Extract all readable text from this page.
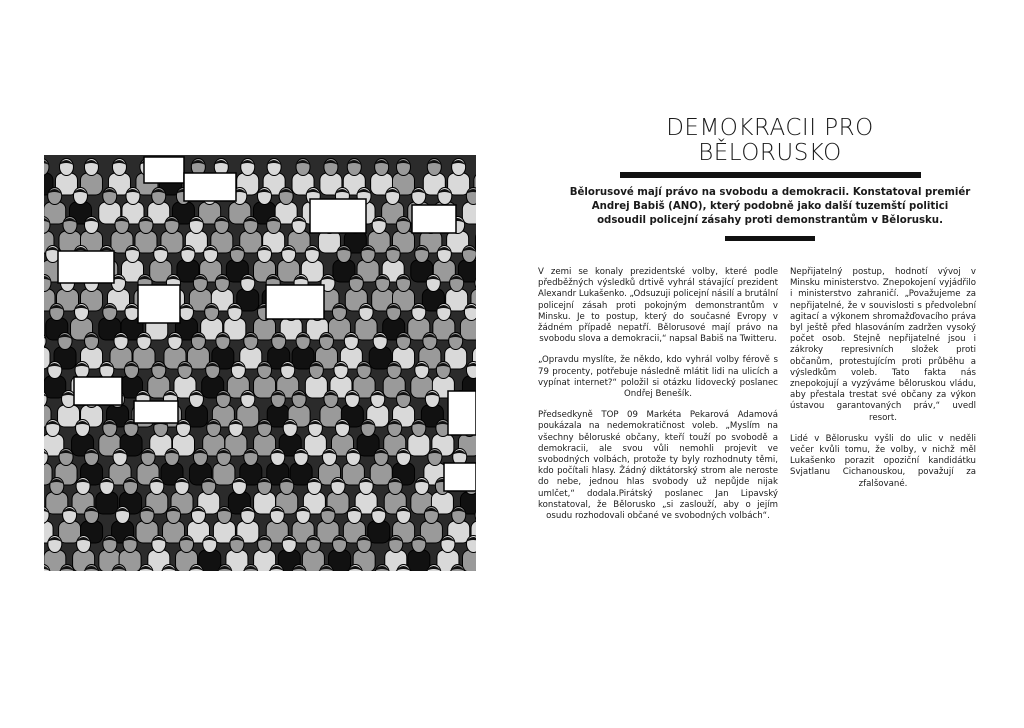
DEMOKRACII PRO
BĚLORUSKO

Bělorusové mají právo na svobodu a demokracii. Konstatoval premiér Andrej Babiš (ANO), který podobně jako další tuzemští politici odsoudil policejní zásahy proti demonstrantům v Bělorusku.

V zemi se konaly prezidentské volby, které podle předběžných výsledků drtivě vyhrál stávající prezident Alexandr Lukašenko. „Odsuzuji policejní násilí a brutální policejní zásah proti pokojným demonstrantům v Minsku. Je to postup, který do současné Evropy v žádném případě nepatří. Bělorusové mají právo na svobodu slova a demokracii,“ napsal Babiš na Twitteru.

„Opravdu myslíte, že někdo, kdo vyhrál volby férově s 79 procenty, potřebuje následně mlátit lidi na ulicích a vypínat internet?“ položil si otázku lidovecký poslanec Ondřej Benešík.

Předsedkyně TOP 09 Markéta Pekarová Adamová poukázala na nedemokratičnost voleb. „Myslím na všechny běloruské občany, kteří touží po svobodě a demokracii, ale svou vůli nemohli projevit ve svobodných volbách, protože ty byly rozhodnuty těmi, kdo počítali hlasy. Žádný diktátorský strom ale neroste do nebe, jednou hlas svobody už nepůjde nijak umlčet,“ dodala.Pirátský poslanec Jan Lipavský konstatoval, že Bělorusko „si zaslouží, aby o jejím osudu rozhodovali občané ve svobodných volbách“.

Nepřijatelný postup, hodnotí vývoj v Minsku ministerstvo. Znepokojení vyjádřilo i ministerstvo zahraničí. „Považujeme za nepřijatelné, že v souvislosti s předvolební agitací a výkonem shromažďovacího práva byl ještě před hlasováním zadržen vysoký počet osob. Stejně nepřijatelné jsou i zákroky represivních složek proti občanům, protestujícím proti průběhu a výsledkům voleb. Tato fakta nás znepokojují a vyzýváme běloruskou vládu, aby přestala trestat své občany za výkon ústavou garantovaných práv,“ uvedl resort.

Lidé v Bělorusku vyšli do ulic v neděli večer kvůli tomu, že volby, v nichž měl Lukašenko porazit opoziční kandidátku Svjatlanu Cichanouskou, považují za zfalšované.
